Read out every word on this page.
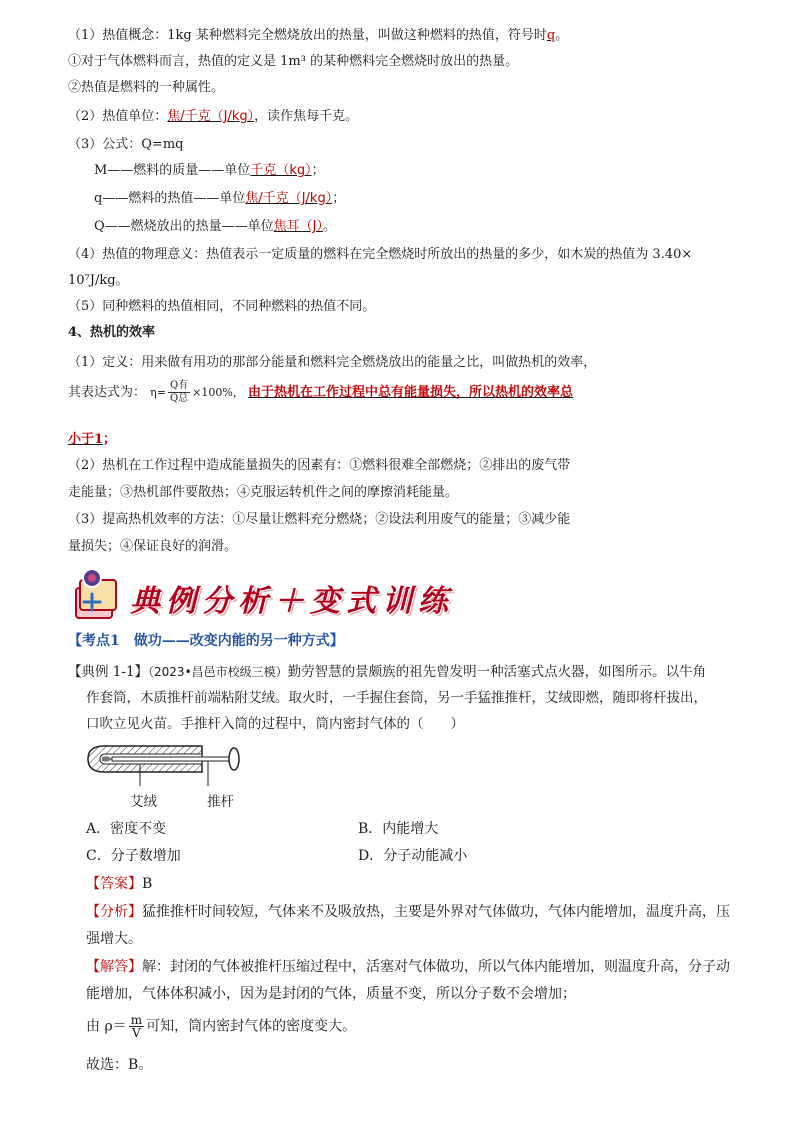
（1）热值概念：1kg 某种燃料完全燃烧放出的热量，叫做这种燃料的热值，符号时q。
①对于气体燃料而言，热值的定义是 1m³ 的某种燃料完全燃烧时放出的热量。
②热值是燃料的一种属性。
（2）热值单位：焦/千克（J/kg），读作焦每千克。
（3）公式：Q=mq
M——燃料的质量——单位千克（kg）；
q——燃料的热值——单位焦/千克（J/kg）；
Q——燃烧放出的热量——单位焦耳（J）。
（4）热值的物理意义：热值表示一定质量的燃料在完全燃烧时所放出的热量的多少，如木炭的热值为 3.40×
10⁷J/kg。
（5）同种燃料的热值相同，不同种燃料的热值不同。
4、热机的效率
（1）定义：用来做有用功的那部分能量和燃料完全燃烧放出的能量之比，叫做热机的效率，
其表达式为： $\eta= \frac{\text{Q有}}{\text{Q总}} \times 100\%$， 由于热机在工作过程中总有能量损失，所以热机的效率总
小于1；
（2）热机在工作过程中造成能量损失的因素有：①燃料很难全部燃烧；②排出的废气带
走能量；③热机部件要散热；④克服运转机件之间的摩擦消耗能量。
（3）提高热机效率的方法：①尽量让燃料充分燃烧；②设法利用废气的能量；③减少能
量损失；④保证良好的润滑。
典例分析＋变式训练
【考点1　做功——改变内能的另一种方式】
【典例 1-1】（2023•昌邑市校级三模）勤劳智慧的景颇族的祖先曾发明一种活塞式点火器，如图所示。以牛角
作套筒，木质推杆前端粘附艾绒。取火时，一手握住套筒，另一手猛推推杆，艾绒即燃，随即将杆拔出，
口吹立见火苗。手推杆入筒的过程中，筒内密封气体的（　　）
艾绒	推杆
A．密度不变	B．内能增大
C．分子数增加	D．分子动能减小
【答案】B
【分析】猛推推杆时间较短，气体来不及吸放热，主要是外界对气体做功，气体内能增加，温度升高，压
强增大。
【解答】解：封闭的气体被推杆压缩过程中，活塞对气体做功，所以气体内能增加，则温度升高，分子动
能增加，气体体积减小，因为是封闭的气体，质量不变，所以分子数不会增加；
由 $\rho= \frac{m}{V}$ 可知，筒内密封气体的密度变大。
故选：B。
